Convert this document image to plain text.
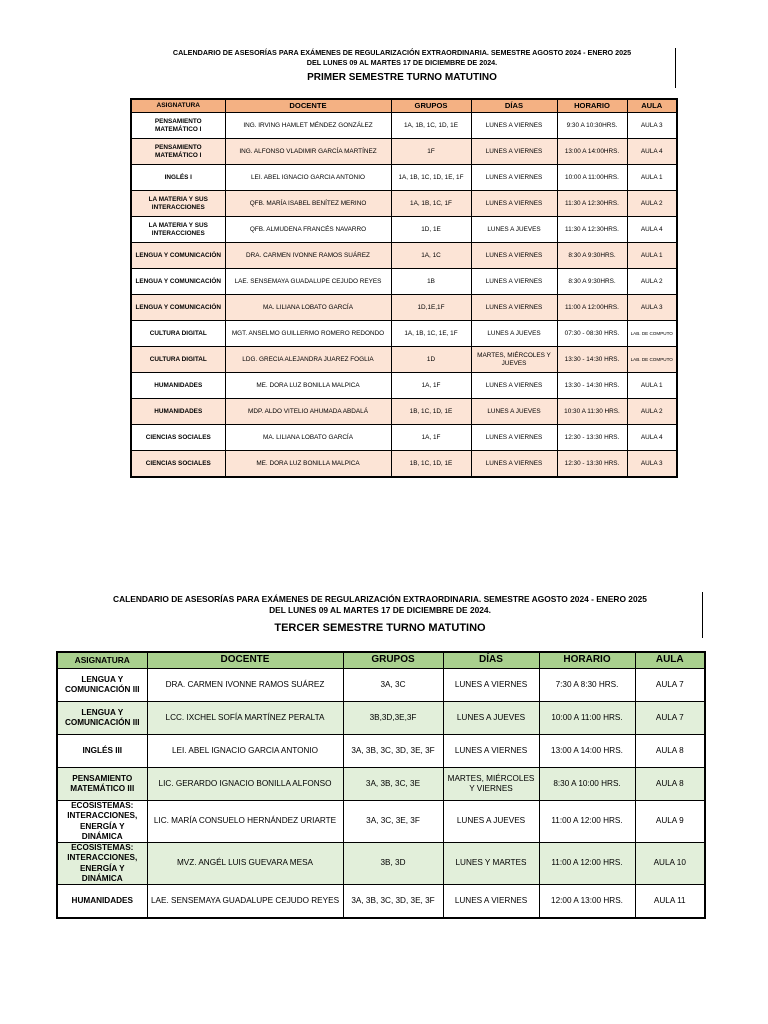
CALENDARIO DE ASESORÍAS PARA EXÁMENES DE REGULARIZACIÓN EXTRAORDINARIA. SEMESTRE AGOSTO 2024 - ENERO 2025
DEL LUNES 09 AL MARTES 17 DE DICIEMBRE DE 2024.
PRIMER SEMESTRE TURNO MATUTINO
ASIGNATURA	DOCENTE	GRUPOS	DÍAS	HORARIO	AULA
PENSAMIENTO MATEMÁTICO I	ING. IRVING HAMLET MÉNDEZ GONZÁLEZ	1A, 1B, 1C, 1D, 1E	LUNES A VIERNES	9:30 A 10:30HRS.	AULA 3
PENSAMIENTO MATEMÁTICO I	ING. ALFONSO VLADIMIR GARCÍA MARTÍNEZ	1F	LUNES A VIERNES	13:00 A 14:00HRS.	AULA 4
INGLÉS I	LEI. ABEL IGNACIO GARCIA ANTONIO	1A, 1B, 1C, 1D, 1E, 1F	LUNES A VIERNES	10:00 A 11:00HRS.	AULA 1
LA MATERIA Y SUS INTERACCIONES	QFB. MARÍA ISABEL BENÍTEZ MERINO	1A, 1B, 1C, 1F	LUNES A VIERNES	11:30 A 12:30HRS.	AULA 2
LA MATERIA Y SUS INTERACCIONES	QFB. ALMUDENA FRANCÉS NAVARRO	1D, 1E	LUNES A JUEVES	11:30 A 12:30HRS.	AULA 4
LENGUA Y COMUNICACIÓN	DRA. CARMEN IVONNE RAMOS SUÁREZ	1A, 1C	LUNES A VIERNES	8:30 A 9:30HRS.	AULA 1
LENGUA Y COMUNICACIÓN	LAE. SENSEMAYA GUADALUPE CEJUDO REYES	1B	LUNES A VIERNES	8:30 A 9:30HRS.	AULA 2
LENGUA Y COMUNICACIÓN	MA. LILIANA LOBATO GARCÍA	1D,1E,1F	LUNES A VIERNES	11:00 A 12:00HRS.	AULA 3
CULTURA DIGITAL	MGT. ANSELMO GUILLERMO ROMERO REDONDO	1A, 1B, 1C, 1E, 1F	LUNES A JUEVES	07:30 - 08:30 HRS.	LAB. DE COMPUTO
CULTURA DIGITAL	LDG. GRECIA ALEJANDRA JUAREZ FOGLIA	1D	MARTES, MIÉRCOLES Y JUEVES	13:30 - 14:30 HRS.	LAB. DE COMPUTO
HUMANIDADES	ME. DORA LUZ BONILLA MALPICA	1A, 1F	LUNES A VIERNES	13:30 - 14:30 HRS.	AULA 1
HUMANIDADES	MDP. ALDO VITELIO AHUMADA ABDALÁ	1B, 1C, 1D, 1E	LUNES A JUEVES	10:30 A 11:30 HRS.	AULA 2
CIENCIAS SOCIALES	MA. LILIANA LOBATO GARCÍA	1A, 1F	LUNES A VIERNES	12:30 - 13:30 HRS.	AULA 4
CIENCIAS SOCIALES	ME. DORA LUZ BONILLA MALPICA	1B, 1C, 1D, 1E	LUNES A VIERNES	12:30 - 13:30 HRS.	AULA 3
CALENDARIO DE ASESORÍAS PARA EXÁMENES DE REGULARIZACIÓN EXTRAORDINARIA. SEMESTRE AGOSTO 2024 - ENERO 2025
DEL LUNES 09 AL MARTES 17 DE DICIEMBRE DE 2024.
TERCER SEMESTRE TURNO MATUTINO
ASIGNATURA	DOCENTE	GRUPOS	DÍAS	HORARIO	AULA
LENGUA Y COMUNICACIÓN III	DRA. CARMEN IVONNE RAMOS SUÁREZ	3A, 3C	LUNES A VIERNES	7:30 A 8:30 HRS.	AULA 7
LENGUA Y COMUNICACIÓN III	LCC. IXCHEL SOFÍA MARTÍNEZ PERALTA	3B,3D,3E,3F	LUNES A JUEVES	10:00 A 11:00 HRS.	AULA 7
INGLÉS III	LEI. ABEL IGNACIO GARCIA ANTONIO	3A, 3B, 3C, 3D, 3E, 3F	LUNES A VIERNES	13:00 A 14:00 HRS.	AULA 8
PENSAMIENTO MATEMÁTICO III	LIC. GERARDO IGNACIO BONILLA ALFONSO	3A, 3B, 3C, 3E	MARTES, MIÉRCOLES Y VIERNES	8:30 A 10:00 HRS.	AULA 8
ECOSISTEMAS: INTERACCIONES, ENERGÍA Y DINÁMICA	LIC. MARÍA CONSUELO HERNÁNDEZ URIARTE	3A, 3C, 3E, 3F	LUNES A JUEVES	11:00 A 12:00 HRS.	AULA 9
ECOSISTEMAS: INTERACCIONES, ENERGÍA Y DINÁMICA	MVZ. ANGÉL LUIS GUEVARA MESA	3B, 3D	LUNES Y MARTES	11:00 A 12:00 HRS.	AULA 10
HUMANIDADES	LAE. SENSEMAYA GUADALUPE CEJUDO REYES	3A, 3B, 3C, 3D, 3E, 3F	LUNES A VIERNES	12:00 A 13:00 HRS.	AULA 11
